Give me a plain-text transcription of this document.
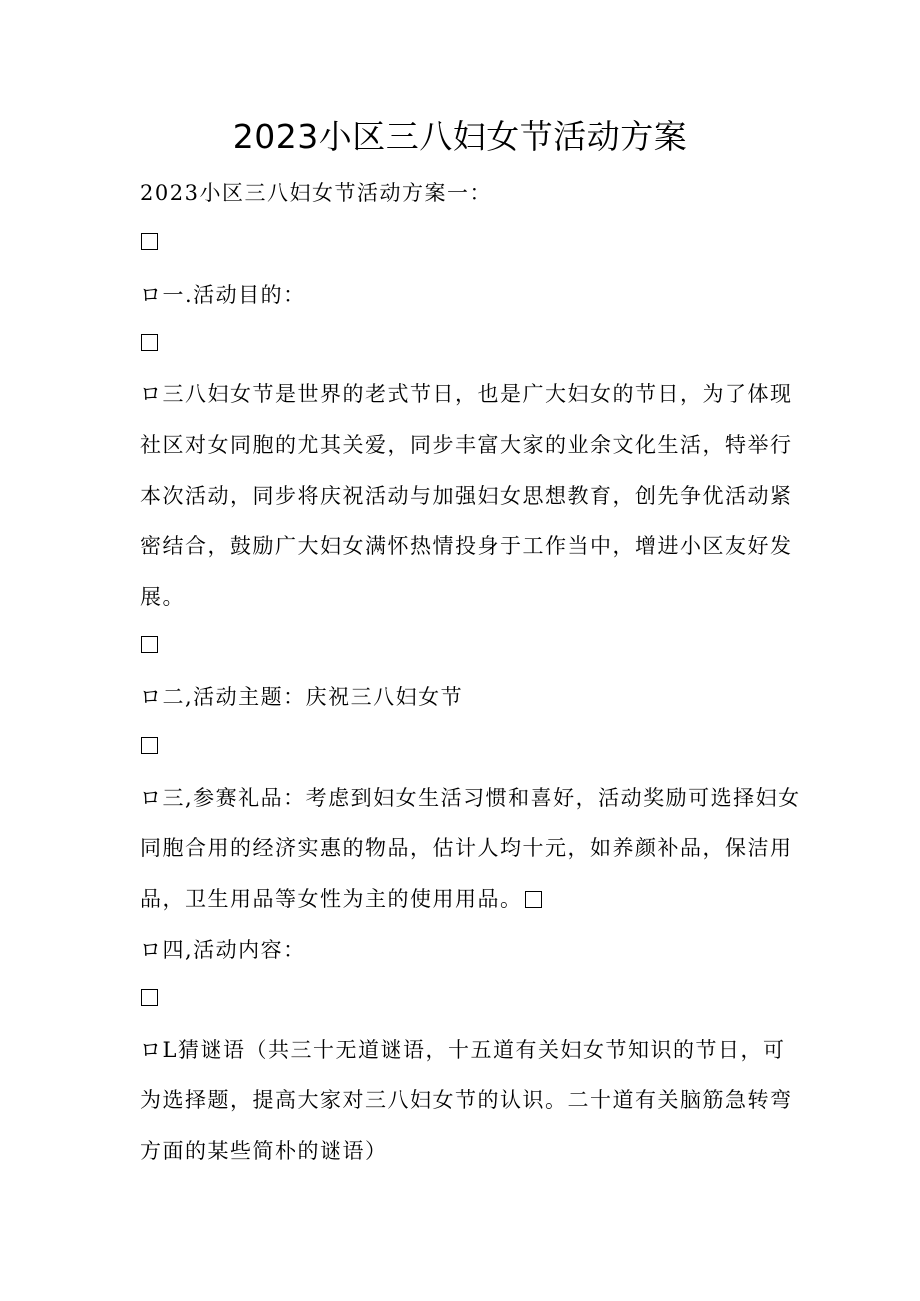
2023小区三八妇女节活动方案
2023小区三八妇女节活动方案一：
ロ一.活动目的：
ロ三八妇女节是世界的老式节日，也是广大妇女的节日，为了体现
社区对女同胞的尤其关爱，同步丰富大家的业余文化生活，特举行
本次活动，同步将庆祝活动与加强妇女思想教育，创先争优活动紧
密结合，鼓励广大妇女满怀热情投身于工作当中，增进小区友好发
展。
ロ二,活动主题：庆祝三八妇女节
ロ三,参赛礼品：考虑到妇女生活习惯和喜好，活动奖励可选择妇女
同胞合用的经济实惠的物品，估计人均十元，如养颜补品，保洁用
品，卫生用品等女性为主的使用用品。
ロ四,活动内容：
ロL猜谜语（共三十无道谜语，十五道有关妇女节知识的节日，可
为选择题，提高大家对三八妇女节的认识。二十道有关脑筋急转弯
方面的某些简朴的谜语）
